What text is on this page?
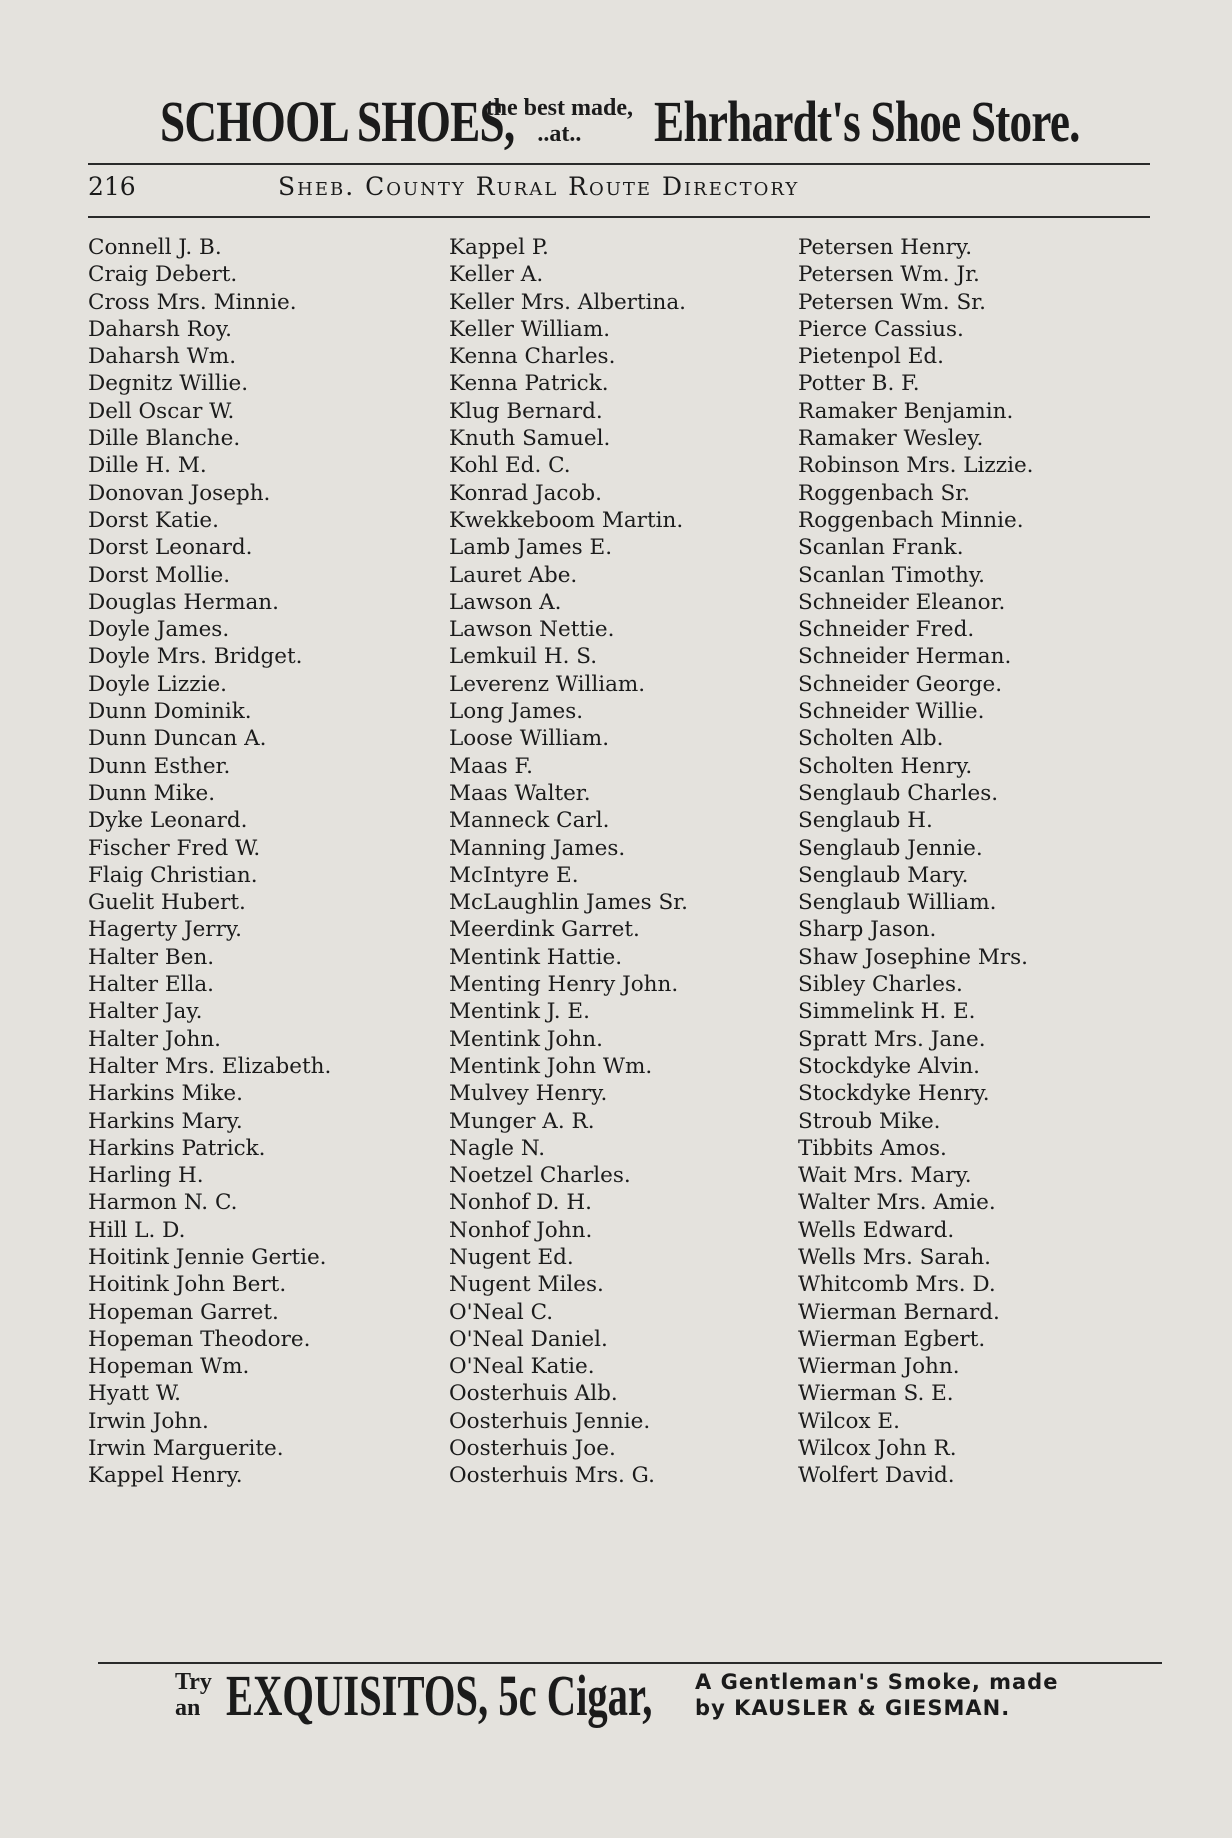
SCHOOL SHOES,
the best made,
..at.. Ehrhardt's Shoe Store.
216	Sheb. County Rural Route Directory
Connell J. B.
Craig Debert.
Cross Mrs. Minnie.
Daharsh Roy.
Daharsh Wm.
Degnitz Willie.
Dell Oscar W.
Dille Blanche.
Dille H. M.
Donovan Joseph.
Dorst Katie.
Dorst Leonard.
Dorst Mollie.
Douglas Herman.
Doyle James.
Doyle Mrs. Bridget.
Doyle Lizzie.
Dunn Dominik.
Dunn Duncan A.
Dunn Esther.
Dunn Mike.
Dyke Leonard.
Fischer Fred W.
Flaig Christian.
Guelit Hubert.
Hagerty Jerry.
Halter Ben.
Halter Ella.
Halter Jay.
Halter John.
Halter Mrs. Elizabeth.
Harkins Mike.
Harkins Mary.
Harkins Patrick.
Harling H.
Harmon N. C.
Hill L. D.
Hoitink Jennie Gertie.
Hoitink John Bert.
Hopeman Garret.
Hopeman Theodore.
Hopeman Wm.
Hyatt W.
Irwin John.
Irwin Marguerite.
Kappel Henry.
Kappel P.
Keller A.
Keller Mrs. Albertina.
Keller William.
Kenna Charles.
Kenna Patrick.
Klug Bernard.
Knuth Samuel.
Kohl Ed. C.
Konrad Jacob.
Kwekkeboom Martin.
Lamb James E.
Lauret Abe.
Lawson A.
Lawson Nettie.
Lemkuil H. S.
Leverenz William.
Long James.
Loose William.
Maas F.
Maas Walter.
Manneck Carl.
Manning James.
McIntyre E.
McLaughlin James Sr.
Meerdink Garret.
Mentink Hattie.
Menting Henry John.
Mentink J. E.
Mentink John.
Mentink John Wm.
Mulvey Henry.
Munger A. R.
Nagle N.
Noetzel Charles.
Nonhof D. H.
Nonhof John.
Nugent Ed.
Nugent Miles.
O'Neal C.
O'Neal Daniel.
O'Neal Katie.
Oosterhuis Alb.
Oosterhuis Jennie.
Oosterhuis Joe.
Oosterhuis Mrs. G.
Petersen Henry.
Petersen Wm. Jr.
Petersen Wm. Sr.
Pierce Cassius.
Pietenpol Ed.
Potter B. F.
Ramaker Benjamin.
Ramaker Wesley.
Robinson Mrs. Lizzie.
Roggenbach Sr.
Roggenbach Minnie.
Scanlan Frank.
Scanlan Timothy.
Schneider Eleanor.
Schneider Fred.
Schneider Herman.
Schneider George.
Schneider Willie.
Scholten Alb.
Scholten Henry.
Senglaub Charles.
Senglaub H.
Senglaub Jennie.
Senglaub Mary.
Senglaub William.
Sharp Jason.
Shaw Josephine Mrs.
Sibley Charles.
Simmelink H. E.
Spratt Mrs. Jane.
Stockdyke Alvin.
Stockdyke Henry.
Stroub Mike.
Tibbits Amos.
Wait Mrs. Mary.
Walter Mrs. Amie.
Wells Edward.
Wells Mrs. Sarah.
Whitcomb Mrs. D.
Wierman Bernard.
Wierman Egbert.
Wierman John.
Wierman S. E.
Wilcox E.
Wilcox John R.
Wolfert David.
Try
an EXQUISITOS, 5c Cigar, A Gentleman's Smoke, made
by KAUSLER & GIESMAN.
